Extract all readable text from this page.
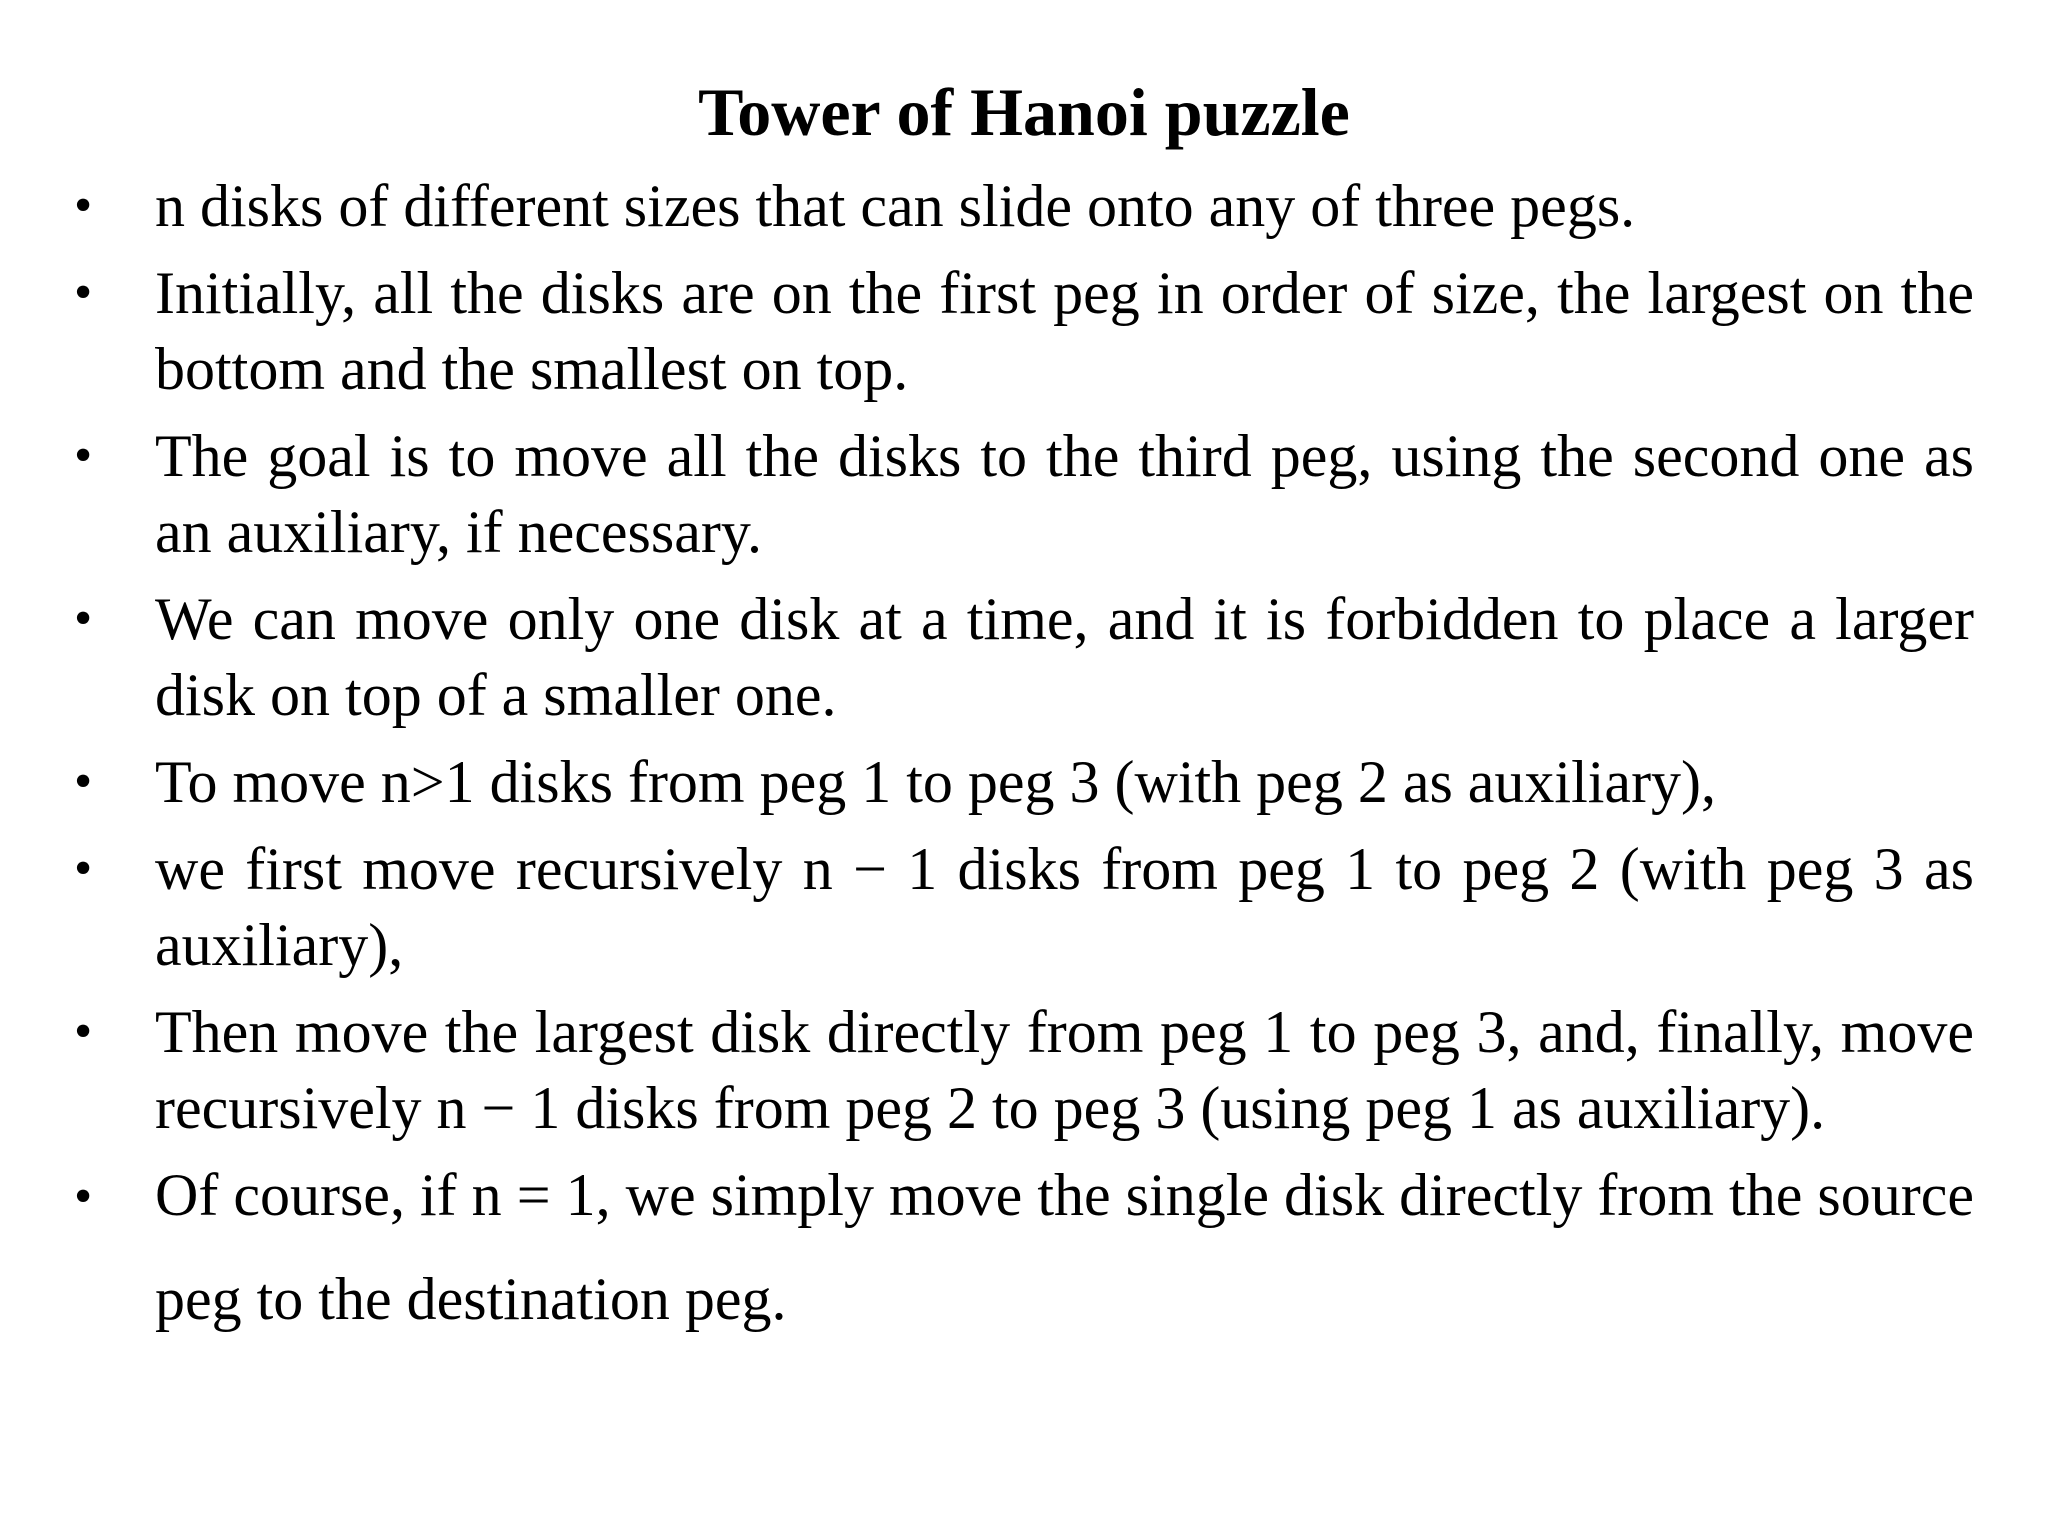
Tower of Hanoi puzzle
•	n disks of different sizes that can slide onto any of three pegs.
•	Initially, all the disks are on the first peg in order of size, the largest on the bottom and the smallest on top.
•	The goal is to move all the disks to the third peg, using the second one as an auxiliary, if necessary.
•	We can move only one disk at a time, and it is forbidden to place a larger disk on top of a smaller one.
•	To move n>1 disks from peg 1 to peg 3 (with peg 2 as auxiliary),
•	we first move recursively n − 1 disks from peg 1 to peg 2 (with peg 3 as auxiliary),
•	Then move the largest disk directly from peg 1 to peg 3, and, finally, move recursively n − 1 disks from peg 2 to peg 3 (using peg 1 as auxiliary).
•	Of course, if n = 1, we simply move the single disk directly from the source peg to the destination peg.
